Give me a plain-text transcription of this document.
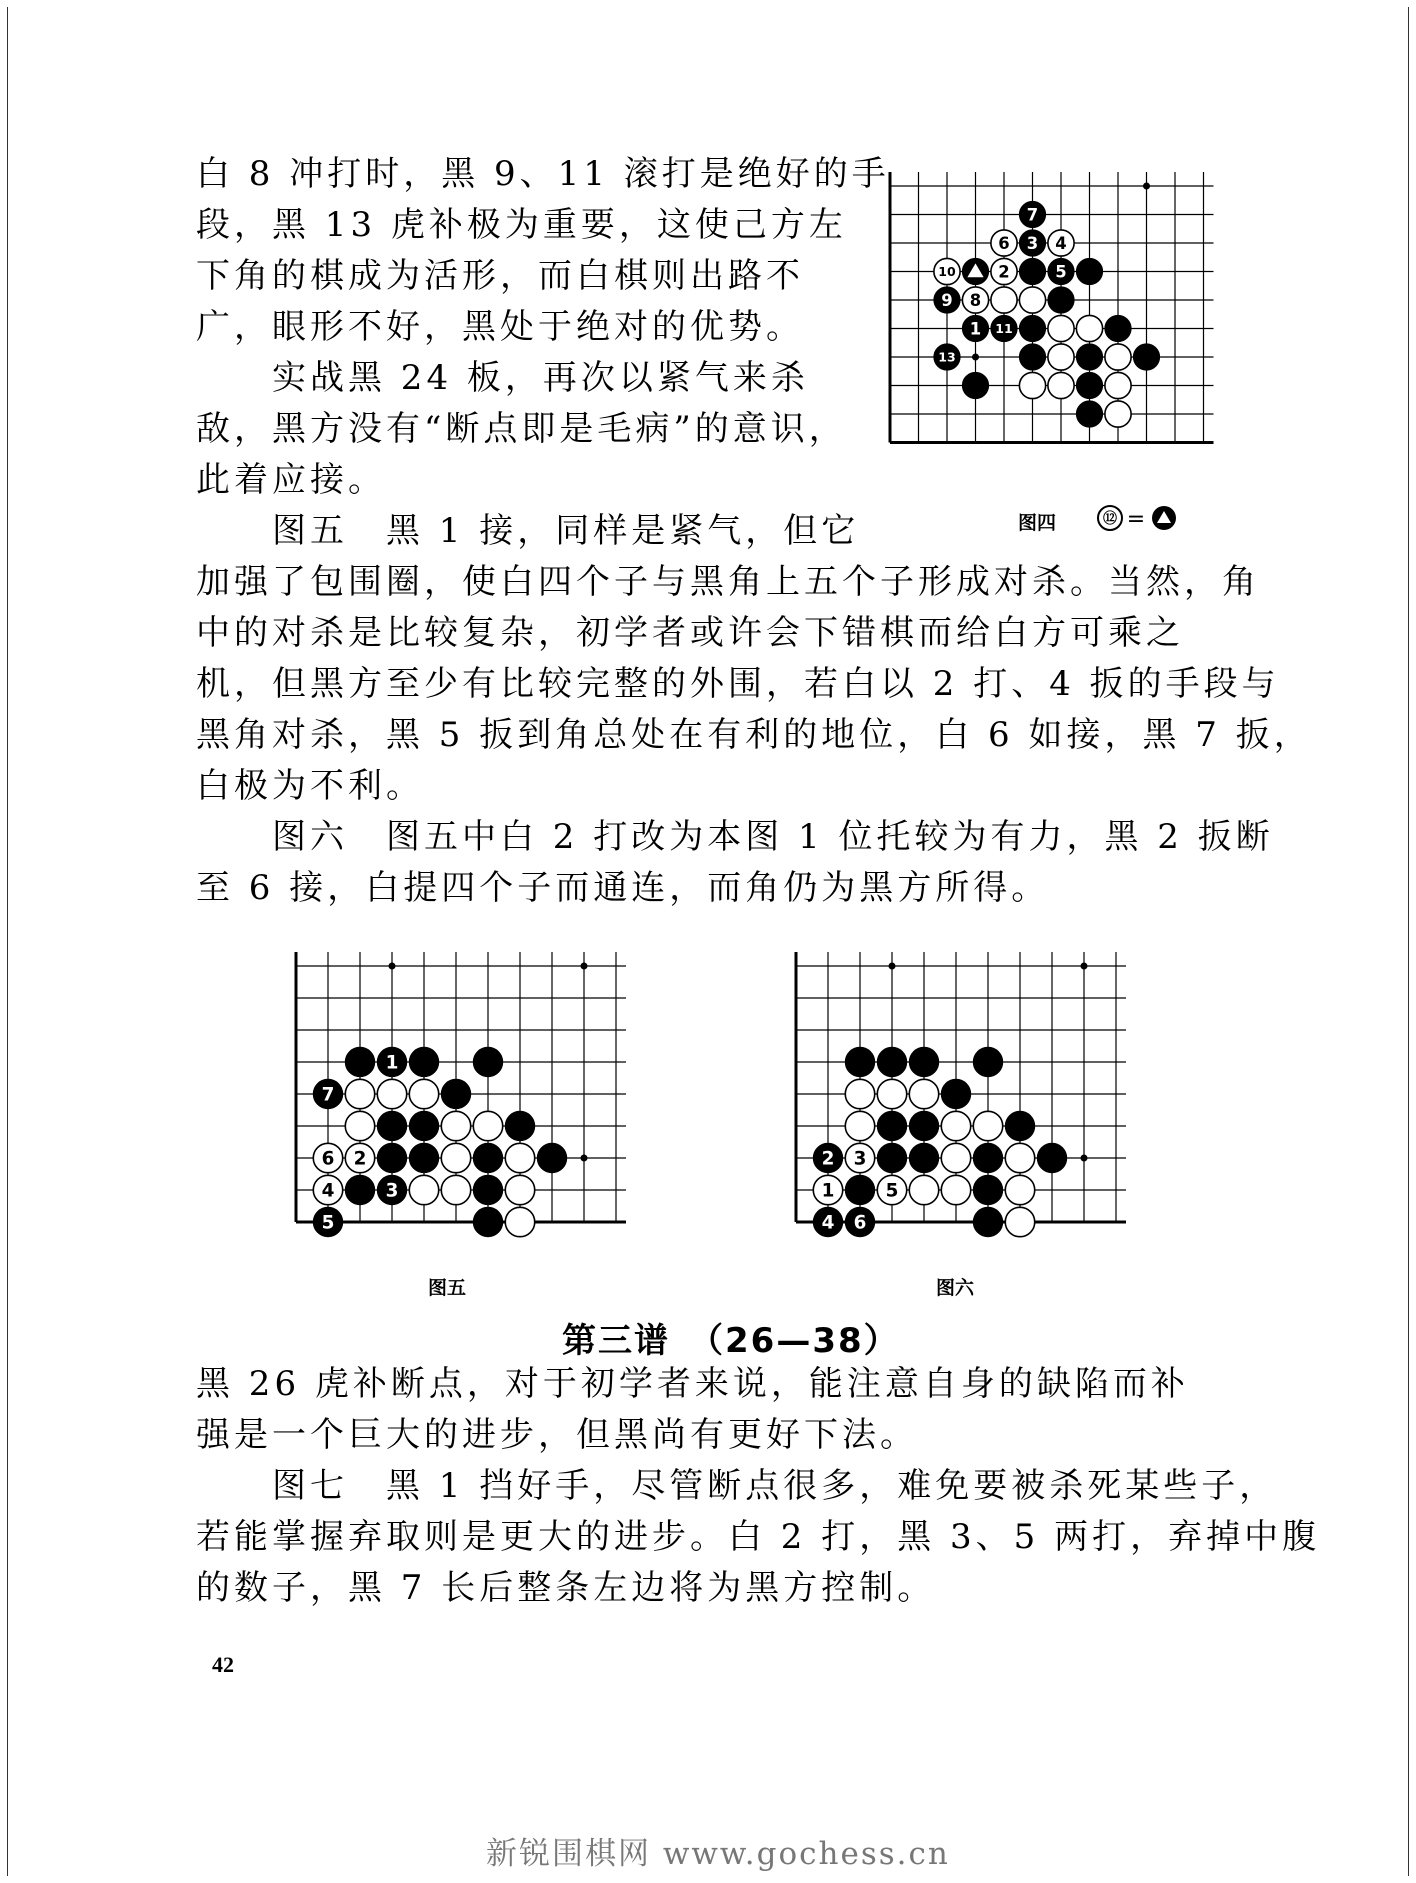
白 8 冲打时，黑 9、11 滚打是绝好的手
段，黑 13 虎补极为重要，这使己方左
下角的棋成为活形，而白棋则出路不
广，眼形不好，黑处于绝对的优势。
　　实战黑 24 板，再次以紧气来杀
敌，黑方没有“断点即是毛病”的意识，
此着应接。
　　图五　黑 1 接，同样是紧气，但它
7
6 3 4
10	2	5
9 8
1 11
13
图四	⑫ =
加强了包围圈，使白四个子与黑角上五个子形成对杀。当然，角
中的对杀是比较复杂，初学者或许会下错棋而给白方可乘之
机，但黑方至少有比较完整的外围，若白以 2 打、4 扳的手段与
黑角对杀，黑 5 扳到角总处在有利的地位，白 6 如接，黑 7 扳，
白极为不利。
　　图六　图五中白 2 打改为本图 1 位托较为有力，黑 2 扳断
至 6 接，白提四个子而通连，而角仍为黑方所得。
1
7
6 2
4	3
5
图五
2 3
1	5
4 6
图六
第三谱　（26—38）
黑 26 虎补断点，对于初学者来说，能注意自身的缺陷而补
强是一个巨大的进步，但黑尚有更好下法。
　　图七　黑 1 挡好手，尽管断点很多，难免要被杀死某些子，
若能掌握弃取则是更大的进步。白 2 打，黑 3、5 两打，弃掉中腹
的数子，黑 7 长后整条左边将为黑方控制。
42
新锐围棋网 www.gochess.cn
